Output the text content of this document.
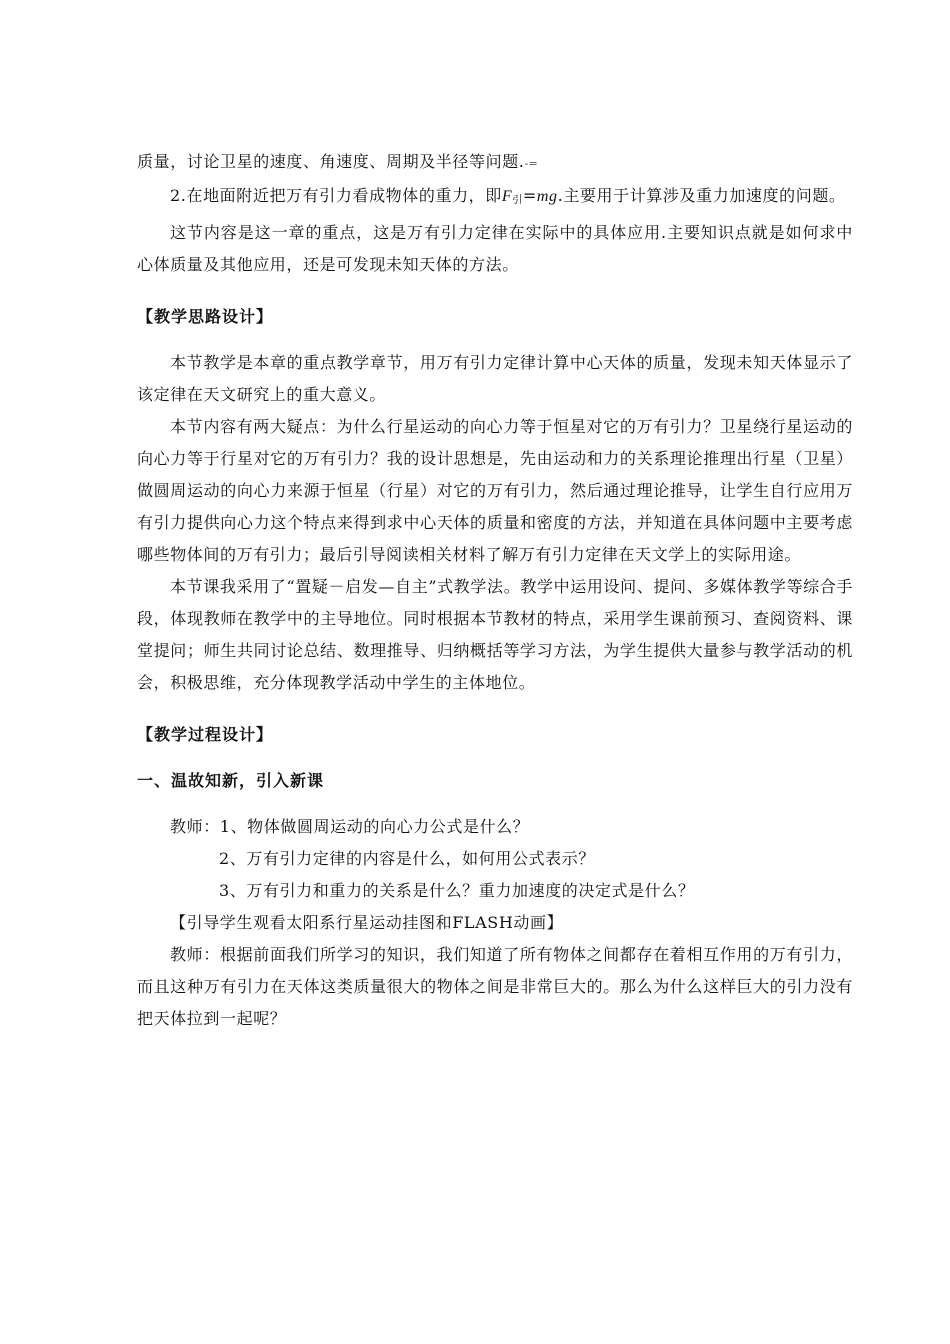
质量，讨论卫星的速度、角速度、周期及半径等问题.-=

2.在地面附近把万有引力看成物体的重力，即$F_引=mg$.主要用于计算涉及重力加速度的问题。

这节内容是这一章的重点，这是万有引力定律在实际中的具体应用.主要知识点就是如何求中心体质量及其他应用，还是可发现未知天体的方法。

【教学思路设计】

本节教学是本章的重点教学章节，用万有引力定律计算中心天体的质量，发现未知天体显示了该定律在天文研究上的重大意义。

本节内容有两大疑点：为什么行星运动的向心力等于恒星对它的万有引力？卫星绕行星运动的向心力等于行星对它的万有引力？我的设计思想是，先由运动和力的关系理论推理出行星（卫星）做圆周运动的向心力来源于恒星（行星）对它的万有引力，然后通过理论推导，让学生自行应用万有引力提供向心力这个特点来得到求中心天体的质量和密度的方法，并知道在具体问题中主要考虑哪些物体间的万有引力；最后引导阅读相关材料了解万有引力定律在天文学上的实际用途。

本节课我采用了“置疑－启发—自主”式教学法。教学中运用设问、提问、多媒体教学等综合手段，体现教师在教学中的主导地位。同时根据本节教材的特点，采用学生课前预习、查阅资料、课堂提问；师生共同讨论总结、数理推导、归纳概括等学习方法，为学生提供大量参与教学活动的机会，积极思维，充分体现教学活动中学生的主体地位。

【教学过程设计】

一、温故知新，引入新课

教师：1、物体做圆周运动的向心力公式是什么？

2、万有引力定律的内容是什么，如何用公式表示？

3、万有引力和重力的关系是什么？重力加速度的决定式是什么？

【引导学生观看太阳系行星运动挂图和FLASH动画】

教师：根据前面我们所学习的知识，我们知道了所有物体之间都存在着相互作用的万有引力，而且这种万有引力在天体这类质量很大的物体之间是非常巨大的。那么为什么这样巨大的引力没有把天体拉到一起呢？
